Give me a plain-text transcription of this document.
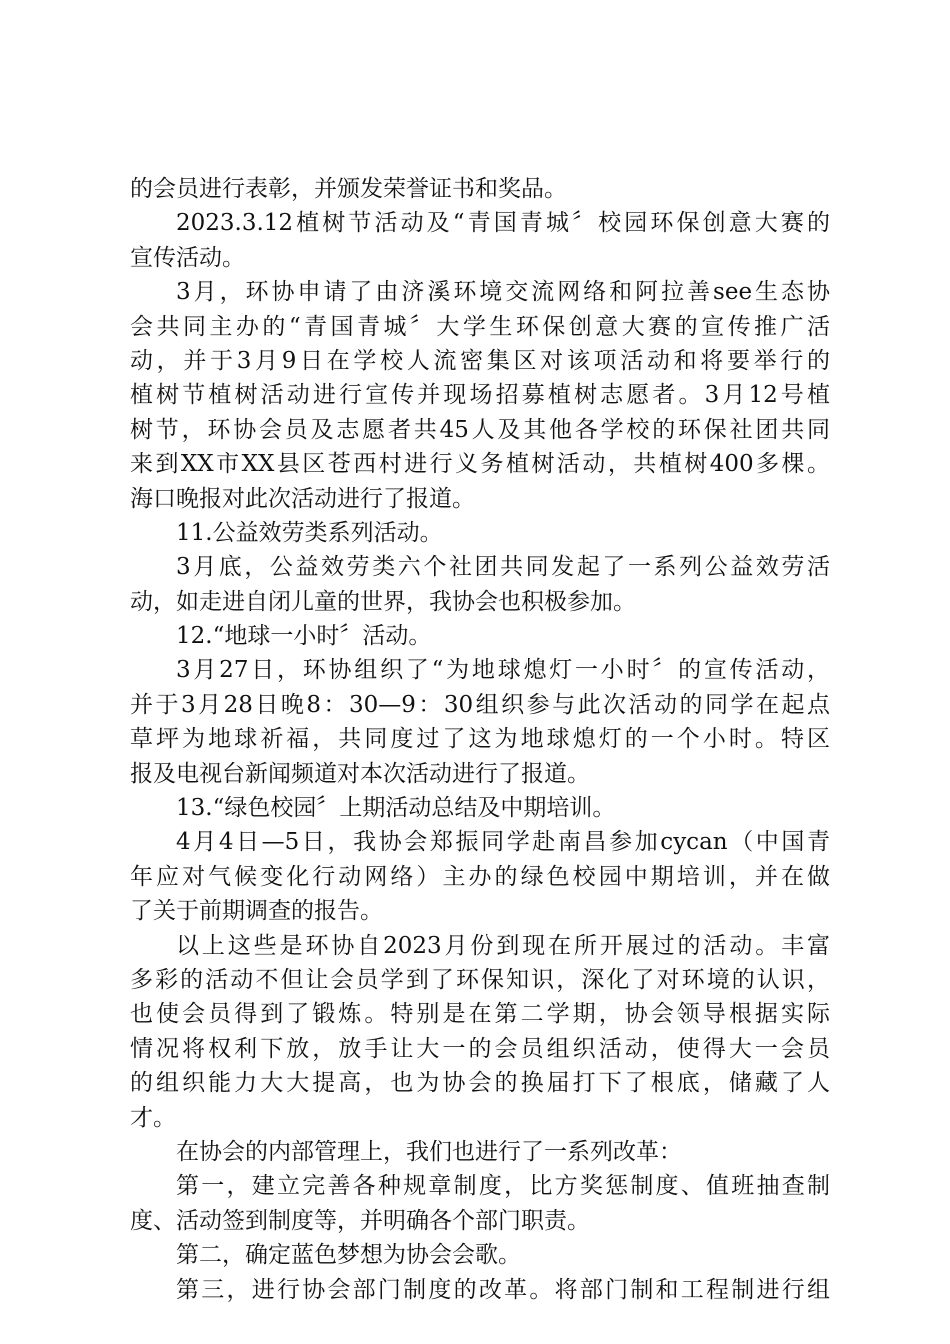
的会员进行表彰，并颁发荣誉证书和奖品。
2023.3.12植树节活动及“青国青城〞校园环保创意大赛的
宣传活动。
3月，环协申请了由济溪环境交流网络和阿拉善see生态协
会共同主办的“青国青城〞大学生环保创意大赛的宣传推广活
动，并于3月9日在学校人流密集区对该项活动和将要举行的
植树节植树活动进行宣传并现场招募植树志愿者。3月12号植
树节，环协会员及志愿者共45人及其他各学校的环保社团共同
来到XX市XX县区苍西村进行义务植树活动，共植树400多棵。
海口晚报对此次活动进行了报道。
11.公益效劳类系列活动。
3月底，公益效劳类六个社团共同发起了一系列公益效劳活
动，如走进自闭儿童的世界，我协会也积极参加。
12.“地球一小时〞活动。
3月27日，环协组织了“为地球熄灯一小时〞的宣传活动，
并于3月28日晚8：30—9：30组织参与此次活动的同学在起点
草坪为地球祈福，共同度过了这为地球熄灯的一个小时。特区
报及电视台新闻频道对本次活动进行了报道。
13.“绿色校园〞上期活动总结及中期培训。
4月4日—5日，我协会郑振同学赴南昌参加cycan（中国青
年应对气候变化行动网络）主办的绿色校园中期培训，并在做
了关于前期调查的报告。
以上这些是环协自2023月份到现在所开展过的活动。丰富
多彩的活动不但让会员学到了环保知识，深化了对环境的认识，
也使会员得到了锻炼。特别是在第二学期，协会领导根据实际
情况将权利下放，放手让大一的会员组织活动，使得大一会员
的组织能力大大提高，也为协会的换届打下了根底，储藏了人
才。
在协会的内部管理上，我们也进行了一系列改革：
第一，建立完善各种规章制度，比方奖惩制度、值班抽查制
度、活动签到制度等，并明确各个部门职责。
第二，确定蓝色梦想为协会会歌。
第三，进行协会部门制度的改革。将部门制和工程制进行组
